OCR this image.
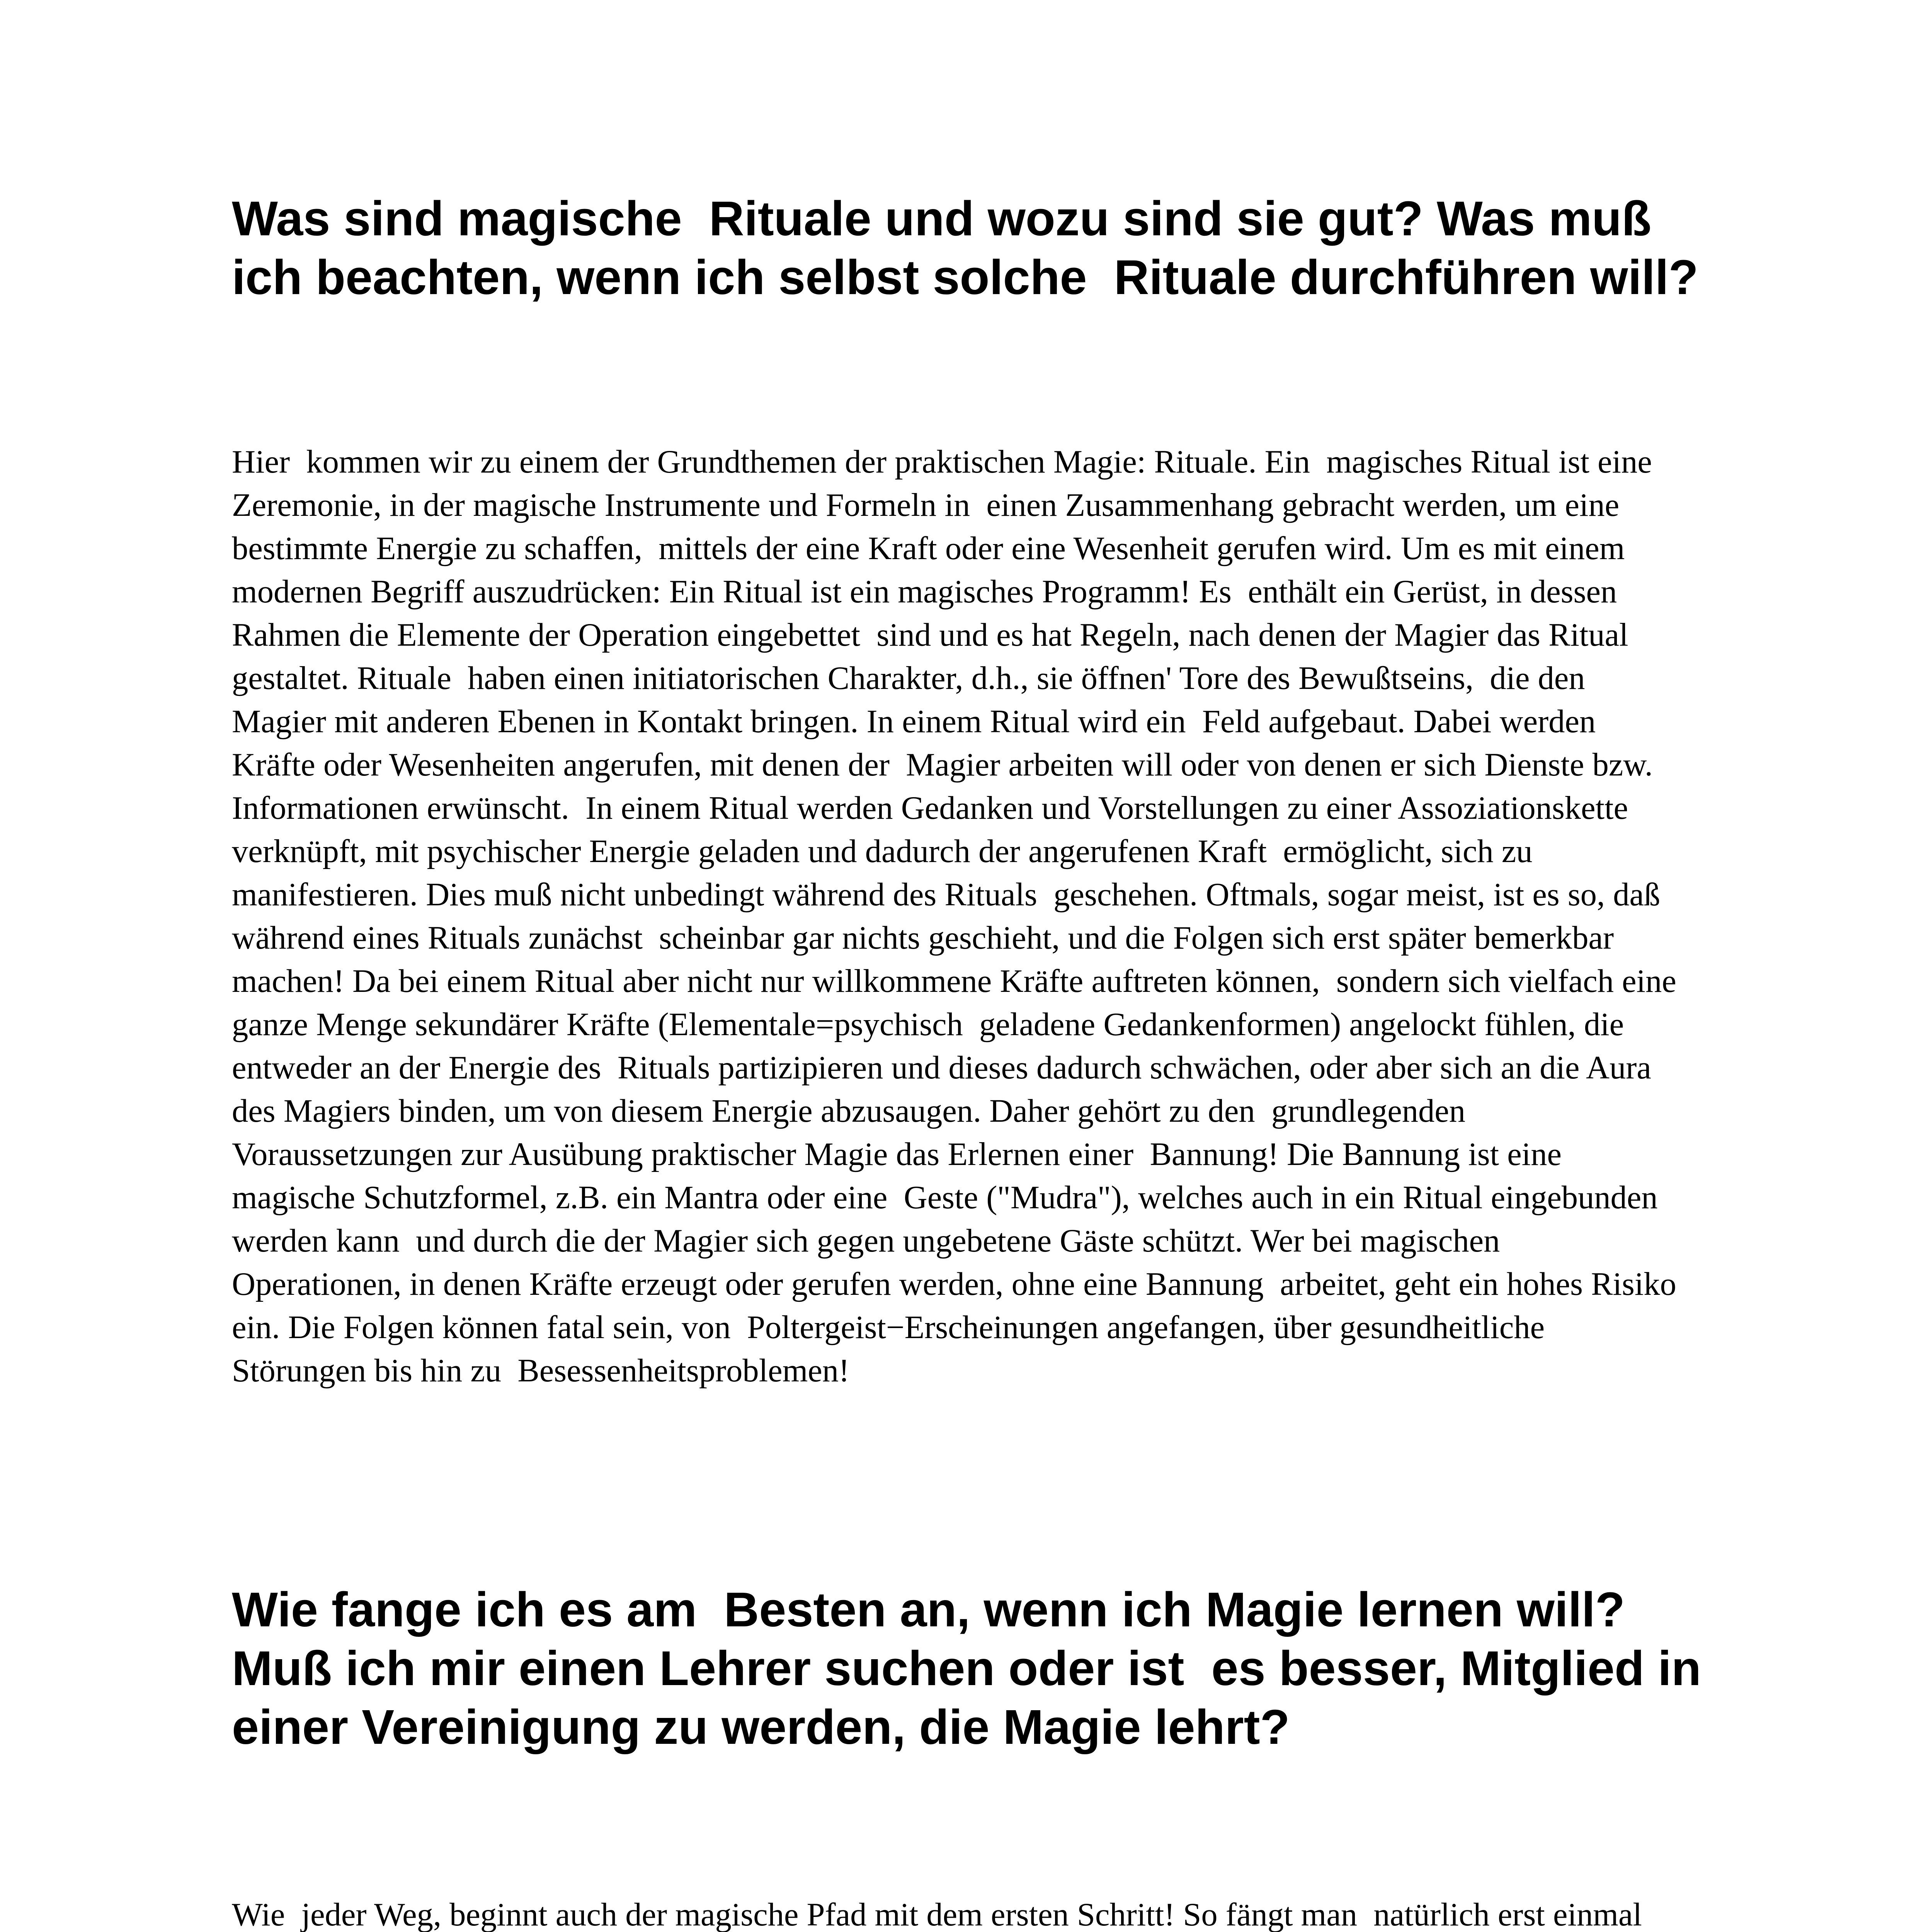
Was sind magische  Rituale und wozu sind sie gut? Was muß
ich beachten, wenn ich selbst solche  Rituale durchführen will?
Hier  kommen wir zu einem der Grundthemen der praktischen Magie: Rituale. Ein  magisches Ritual ist eine
Zeremonie, in der magische Instrumente und Formeln in  einen Zusammenhang gebracht werden, um eine
bestimmte Energie zu schaffen,  mittels der eine Kraft oder eine Wesenheit gerufen wird. Um es mit einem
modernen Begriff auszudrücken: Ein Ritual ist ein magisches Programm! Es  enthält ein Gerüst, in dessen
Rahmen die Elemente der Operation eingebettet  sind und es hat Regeln, nach denen der Magier das Ritual
gestaltet. Rituale  haben einen initiatorischen Charakter, d.h., sie öffnen' Tore des Bewußtseins,  die den
Magier mit anderen Ebenen in Kontakt bringen. In einem Ritual wird ein  Feld aufgebaut. Dabei werden
Kräfte oder Wesenheiten angerufen, mit denen der  Magier arbeiten will oder von denen er sich Dienste bzw.
Informationen erwünscht.  In einem Ritual werden Gedanken und Vorstellungen zu einer Assoziationskette
verknüpft, mit psychischer Energie geladen und dadurch der angerufenen Kraft  ermöglicht, sich zu
manifestieren. Dies muß nicht unbedingt während des Rituals  geschehen. Oftmals, sogar meist, ist es so, daß
während eines Rituals zunächst  scheinbar gar nichts geschieht, und die Folgen sich erst später bemerkbar
machen! Da bei einem Ritual aber nicht nur willkommene Kräfte auftreten können,  sondern sich vielfach eine
ganze Menge sekundärer Kräfte (Elementale=psychisch  geladene Gedankenformen) angelockt fühlen, die
entweder an der Energie des  Rituals partizipieren und dieses dadurch schwächen, oder aber sich an die Aura
des Magiers binden, um von diesem Energie abzusaugen. Daher gehört zu den  grundlegenden
Voraussetzungen zur Ausübung praktischer Magie das Erlernen einer  Bannung! Die Bannung ist eine
magische Schutzformel, z.B. ein Mantra oder eine  Geste ("Mudra"), welches auch in ein Ritual eingebunden
werden kann  und durch die der Magier sich gegen ungebetene Gäste schützt. Wer bei magischen
Operationen, in denen Kräfte erzeugt oder gerufen werden, ohne eine Bannung  arbeitet, geht ein hohes Risiko
ein. Die Folgen können fatal sein, von  Poltergeist−Erscheinungen angefangen, über gesundheitliche
Störungen bis hin zu  Besessenheitsproblemen!
Wie fange ich es am  Besten an, wenn ich Magie lernen will?
Muß ich mir einen Lehrer suchen oder ist  es besser, Mitglied in
einer Vereinigung zu werden, die Magie lehrt?
Wie  jeder Weg, beginnt auch der magische Pfad mit dem ersten Schritt! So fängt man  natürlich erst einmal
